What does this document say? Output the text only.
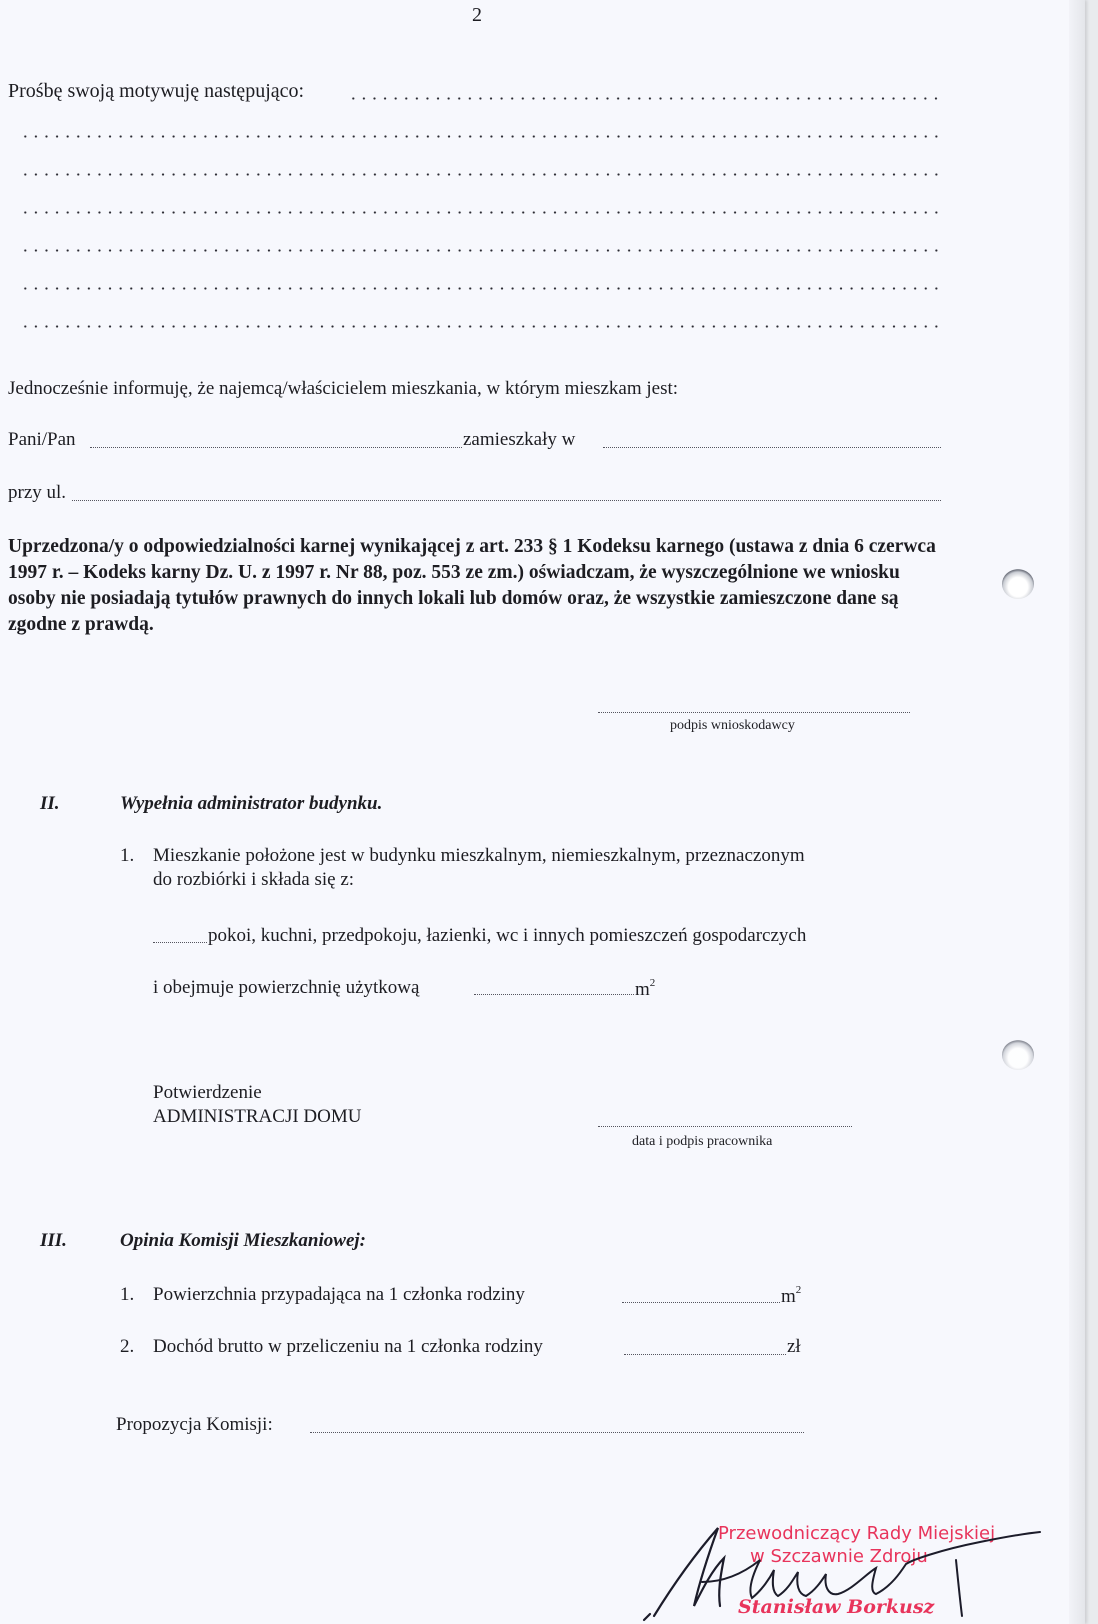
2
Prośbę swoją motywuję następująco:
Jednocześnie informuję, że najemcą/właścicielem mieszkania, w którym mieszkam jest:
Pani/Pan	zamieszkały w
przy ul.
Uprzedzona/y o odpowiedzialności karnej wynikającej z art. 233 § 1 Kodeksu karnego (ustawa z dnia 6 czerwca 1997 r. – Kodeks karny Dz. U. z 1997 r. Nr 88, poz. 553 ze zm.) oświadczam, że wyszczególnione we wniosku osoby nie posiadają tytułów prawnych do innych lokali lub domów oraz, że wszystkie zamieszczone dane są zgodne z prawdą.
podpis wnioskodawcy
II.	Wypełnia administrator budynku.
1. Mieszkanie położone jest w budynku mieszkalnym, niemieszkalnym, przeznaczonym
do rozbiórki i składa się z:
pokoi, kuchni, przedpokoju, łazienki, wc i innych pomieszczeń gospodarczych
i obejmuje powierzchnię użytkową	$m^2$
Potwierdzenie
ADMINISTRACJI DOMU
data i podpis pracownika
III.	Opinia Komisji Mieszkaniowej:
1. Powierzchnia przypadająca na 1 członka rodziny	$m^2$
2. Dochód brutto w przeliczeniu na 1 członka rodziny	zł
Propozycja Komisji:
Przewodniczący Rady Miejskiej
w Szczawnie Zdroju
Stanisław Borkusz
